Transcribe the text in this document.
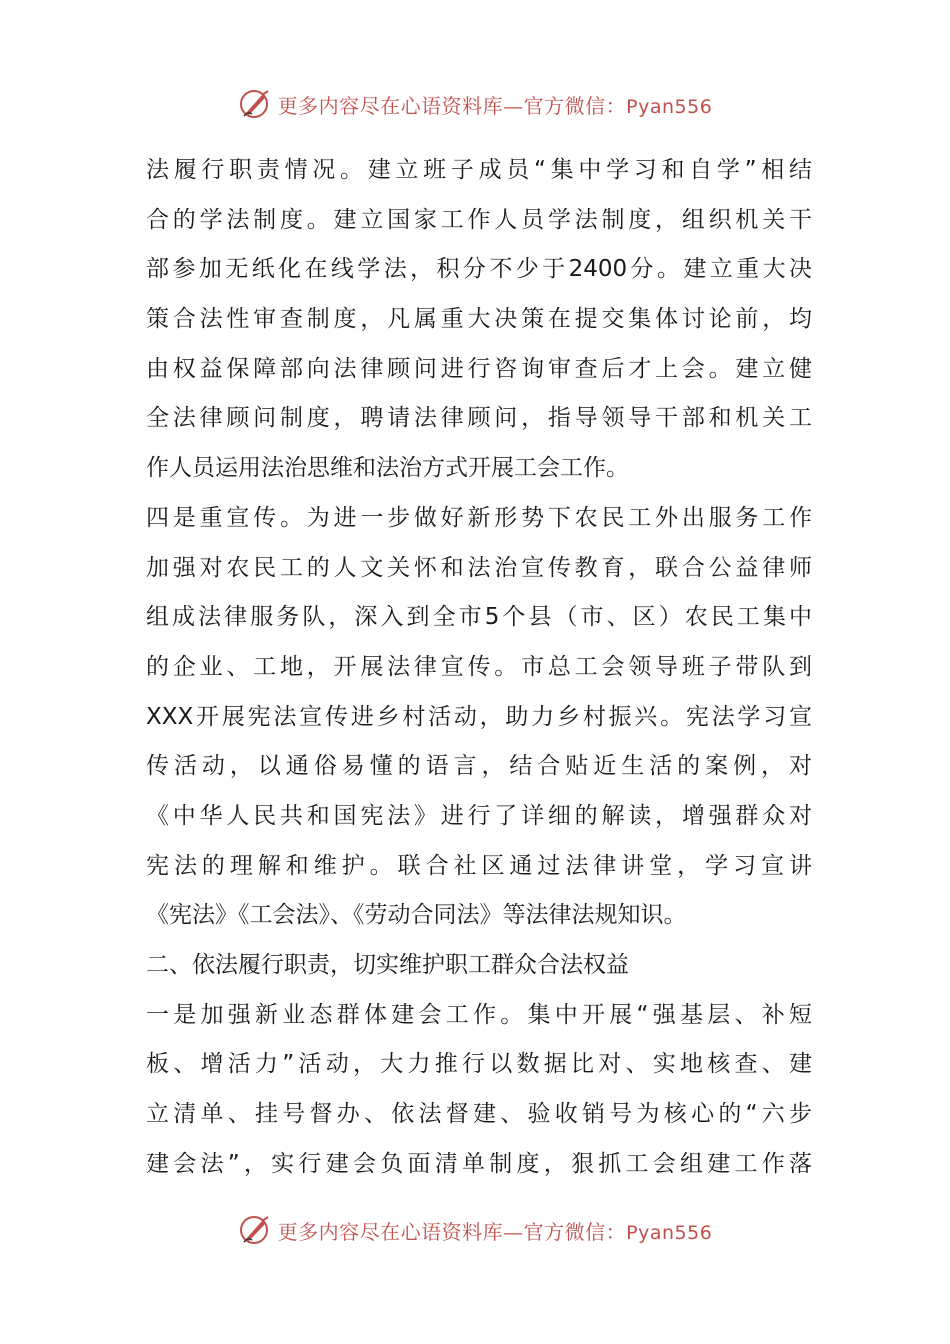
更多内容尽在心语资料库—官方微信：Pyan556
法履行职责情况。建立班子成员“集中学习和自学”相结
合的学法制度。建立国家工作人员学法制度，组织机关干
部参加无纸化在线学法，积分不少于2400分。建立重大决
策合法性审查制度，凡属重大决策在提交集体讨论前，均
由权益保障部向法律顾问进行咨询审查后才上会。建立健
全法律顾问制度，聘请法律顾问，指导领导干部和机关工
作人员运用法治思维和法治方式开展工会工作。
四是重宣传。为进一步做好新形势下农民工外出服务工作
加强对农民工的人文关怀和法治宣传教育，联合公益律师
组成法律服务队，深入到全市5个县（市、区）农民工集中
的企业、工地，开展法律宣传。市总工会领导班子带队到
XXX开展宪法宣传进乡村活动，助力乡村振兴。宪法学习宣
传活动，以通俗易懂的语言，结合贴近生活的案例，对
《中华人民共和国宪法》进行了详细的解读，增强群众对
宪法的理解和维护。联合社区通过法律讲堂，学习宣讲
《宪法》《工会法》、《劳动合同法》等法律法规知识。
二、依法履行职责，切实维护职工群众合法权益
一是加强新业态群体建会工作。集中开展“强基层、补短
板、增活力”活动，大力推行以数据比对、实地核查、建
立清单、挂号督办、依法督建、验收销号为核心的“六步
建会法”，实行建会负面清单制度，狠抓工会组建工作落
更多内容尽在心语资料库—官方微信：Pyan556
